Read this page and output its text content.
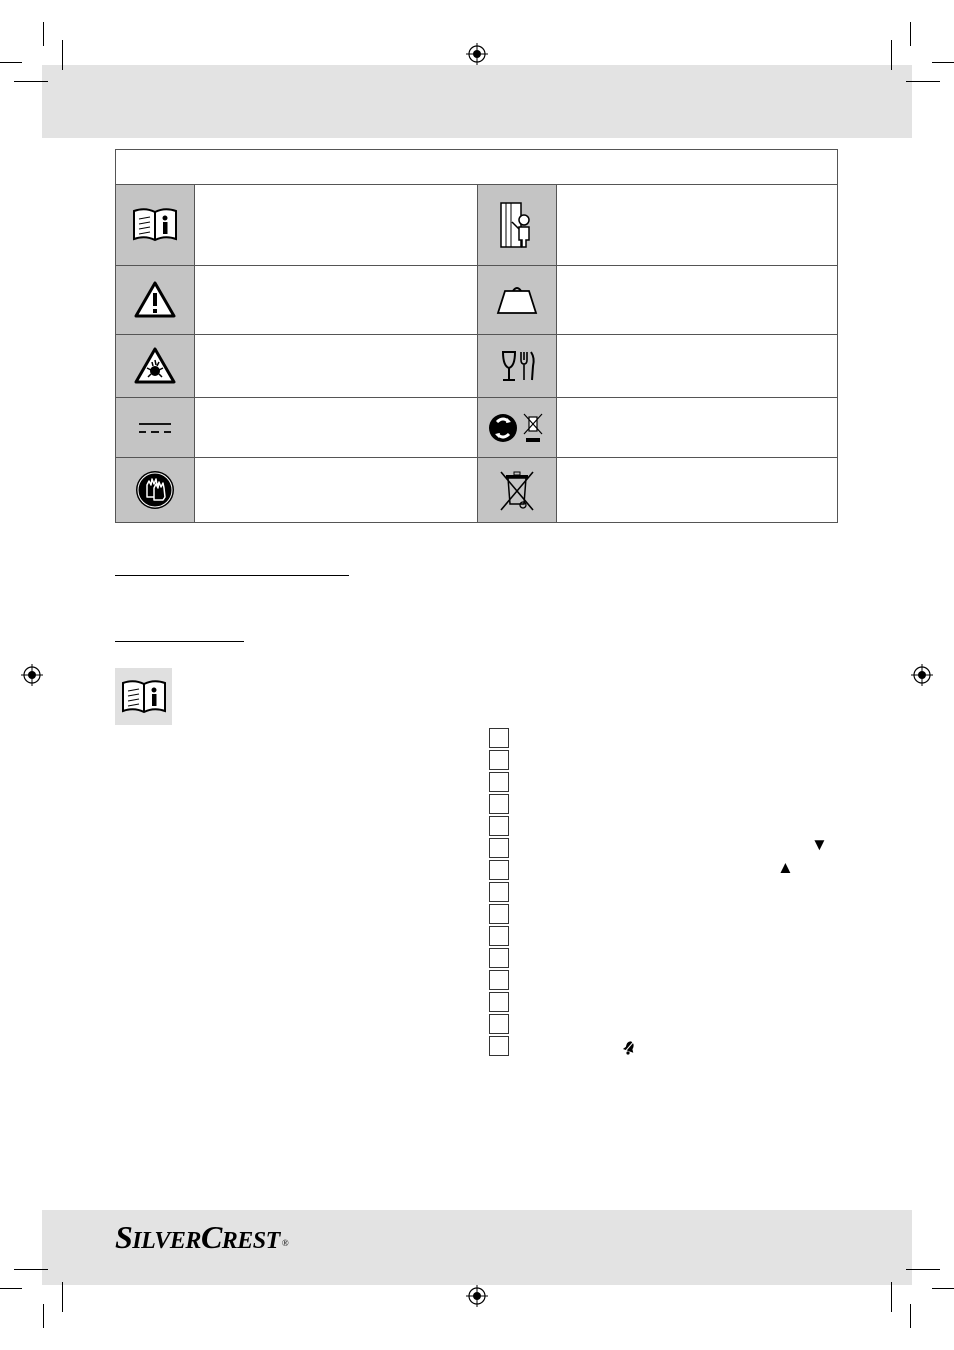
▼
▲
SILVERCREST ®
